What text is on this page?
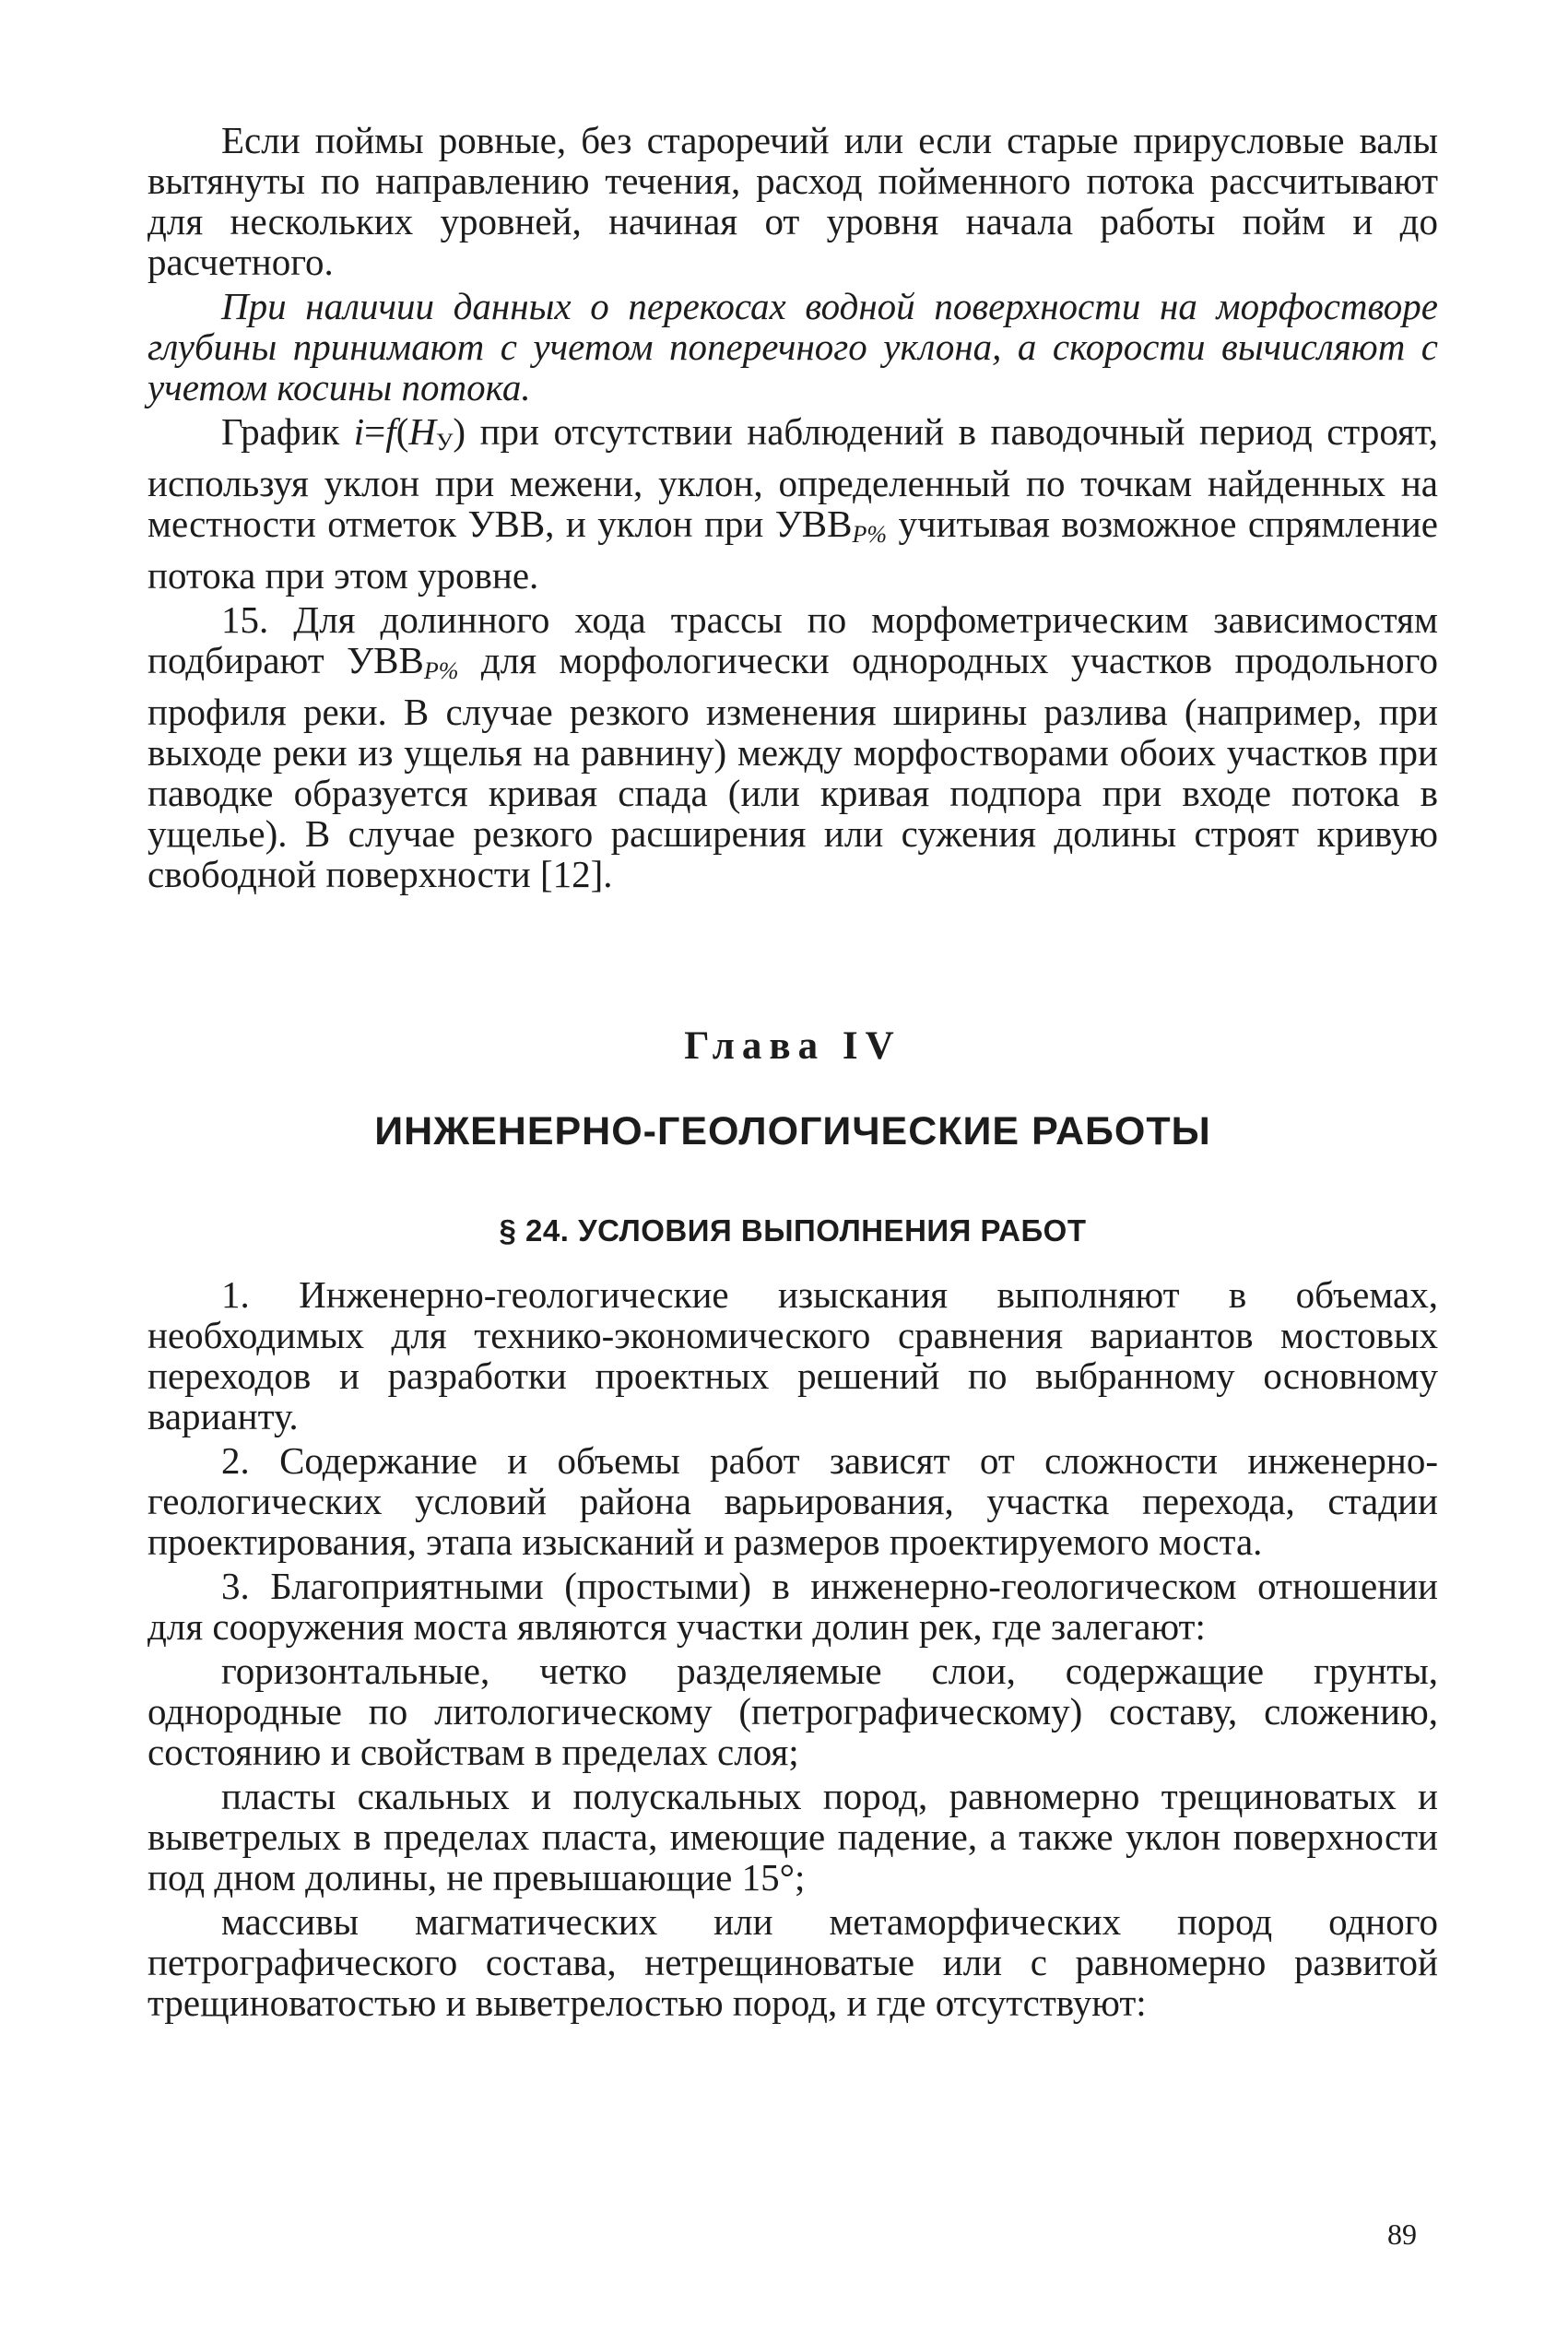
Если поймы ровные, без староречий или если старые прирусловые валы вытянуты по направлению течения, расход пойменного потока рассчитывают для нескольких уровней, начиная от уровня начала работы пойм и до расчетного.

При наличии данных о перекосах водной поверхности на морфостворе глубины принимают с учетом поперечного уклона, а скорости вычисляют с учетом косины потока.

График $i=f(H_У)$ при отсутствии наблюдений в паводочный период строят, используя уклон при межени, уклон, определенный по точкам найденных на местности отметок УВВ, и уклон при $УВВ_{P\%}$ учитывая возможное спрямление потока при этом уровне.

15. Для долинного хода трассы по морфометрическим зависимостям подбирают $УВВ_{P\%}$ для морфологически однородных участков продольного профиля реки. В случае резкого изменения ширины разлива (например, при выходе реки из ущелья на равнину) между морфостворами обоих участков при паводке образуется кривая спада (или кривая подпора при входе потока в ущелье). В случае резкого расширения или сужения долины строят кривую свободной поверхности [12].

Глава IV
ИНЖЕНЕРНО-ГЕОЛОГИЧЕСКИЕ РАБОТЫ
§ 24. УСЛОВИЯ ВЫПОЛНЕНИЯ РАБОТ

1. Инженерно-геологические изыскания выполняют в объемах, необходимых для технико-экономического сравнения вариантов мостовых переходов и разработки проектных решений по выбранному основному варианту.

2. Содержание и объемы работ зависят от сложности инженерно-геологических условий района варьирования, участка перехода, стадии проектирования, этапа изысканий и размеров проектируемого моста.

3. Благоприятными (простыми) в инженерно-геологическом отношении для сооружения моста являются участки долин рек, где залегают:

горизонтальные, четко разделяемые слои, содержащие грунты, однородные по литологическому (петрографическому) составу, сложению, состоянию и свойствам в пределах слоя;

пласты скальных и полускальных пород, равномерно трещиноватых и выветрелых в пределах пласта, имеющие падение, а также уклон поверхности под дном долины, не превышающие 15°;

массивы магматических или метаморфических пород одного петрографического состава, нетрещиноватые или с равномерно развитой трещиноватостью и выветрелостью пород, и где отсутствуют:

89
